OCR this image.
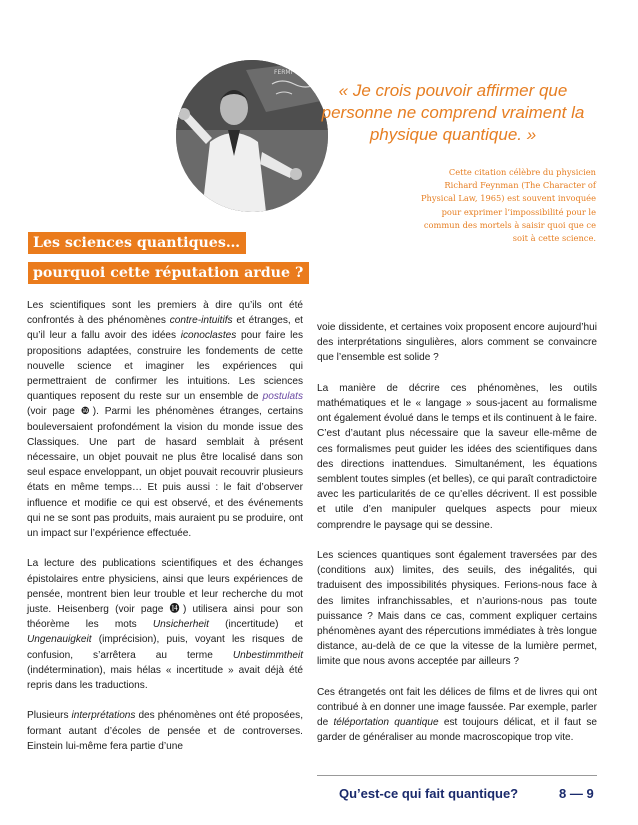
FERMI
« Je crois pouvoir affirmer que personne ne comprend vraiment la physique quantique. »
Cette citation célèbre du physicien Richard Feynman (The Character of Physical Law, 1965) est souvent invoquée pour exprimer l’impossibilité pour le commun des mortels à saisir quoi que ce soit à cette science.
Les sciences quantiques…
pourquoi cette réputation ardue ?

Les scientifiques sont les premiers à dire qu’ils ont été confrontés à des phénomènes contre-intuitifs et étranges, et qu’il leur a fallu avoir des idées iconoclastes pour faire les propositions adaptées, construire les fondements de cette nouvelle science et imaginer les expériences qui permettraient de confirmer les intuitions. Les sciences quantiques reposent du reste sur un ensemble de postulats (voir page ❿). Parmi les phénomènes étranges, certains bouleversaient profondément la vision du monde issue des Classiques. Une part de hasard semblait à présent nécessaire, un objet pouvait ne plus être localisé dans son seul espace enveloppant, un objet pouvait recouvrir plusieurs états en même temps… Et puis aussi : le fait d’observer influence et modifie ce qui est observé, et des événements qui ne se sont pas produits, mais auraient pu se produire, ont un impact sur l’expérience effectuée.

La lecture des publications scientifiques et des échanges épistolaires entre physiciens, ainsi que leurs expériences de pensée, montrent bien leur trouble et leur recherche du mot juste. Heisenberg (voir page ⓮) utilisera ainsi pour son théorème les mots Unsicherheit (incertitude) et Ungenauigkeit (imprécision), puis, voyant les risques de confusion, s’arrêtera au terme Unbestimmtheit (indétermination), mais hélas « incertitude » avait déjà été repris dans les traductions.

Plusieurs interprétations des phénomènes ont été proposées, formant autant d’écoles de pensée et de controverses. Einstein lui-même fera partie d’une

voie dissidente, et certaines voix proposent encore aujourd’hui des interprétations singulières, alors comment se convaincre que l’ensemble est solide ?

La manière de décrire ces phénomènes, les outils mathématiques et le « langage » sous-jacent au formalisme ont également évolué dans le temps et ils continuent à le faire. C’est d’autant plus nécessaire que la saveur elle-même de ces formalismes peut guider les idées des scientifiques dans des directions inattendues. Simultanément, les équations semblent toutes simples (et belles), ce qui paraît contradictoire avec les particularités de ce qu’elles décrivent. Il est possible et utile d’en manipuler quelques aspects pour mieux comprendre le paysage qui se dessine.

Les sciences quantiques sont également traversées par des (conditions aux) limites, des seuils, des inégalités, qui traduisent des impossibilités physiques. Ferions-nous face à des limites infranchissables, et n’aurions-nous pas toute puissance ? Mais dans ce cas, comment expliquer certains phénomènes ayant des répercutions immédiates à très longue distance, au-delà de ce que la vitesse de la lumière permet, limite que nous avons acceptée par ailleurs ?

Ces étrangetés ont fait les délices de films et de livres qui ont contribué à en donner une image faussée. Par exemple, parler de téléportation quantique est toujours délicat, et il faut se garder de généraliser au monde macroscopique trop vite.

Qu’est-ce qui fait quantique?	8 — 9
